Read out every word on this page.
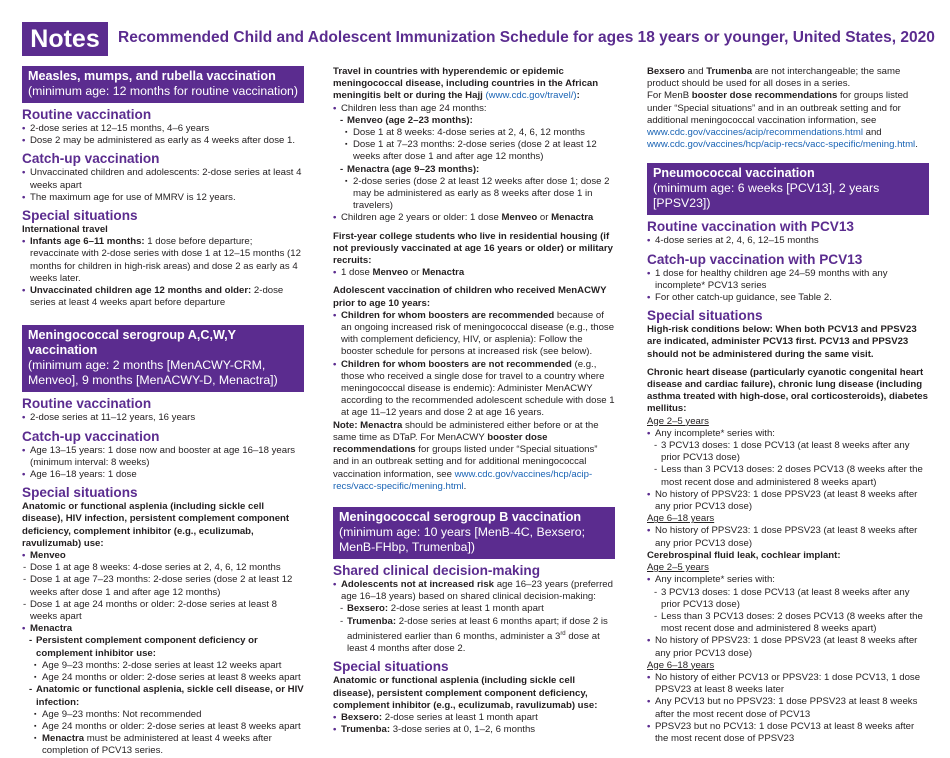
Notes	Recommended Child and Adolescent Immunization Schedule for ages 18 years or younger, United States, 2020
Measles, mumps, and rubella vaccination
(minimum age: 12 months for routine vaccination)
Routine vaccination
• 2-dose series at 12–15 months, 4–6 years
• Dose 2 may be administered as early as 4 weeks after dose 1.
Catch-up vaccination
• Unvaccinated children and adolescents: 2-dose series at least 4 weeks apart
• The maximum age for use of MMRV is 12 years.
Special situations

International travel

• Infants age 6–11 months: 1 dose before departure; revaccinate with 2-dose series with dose 1 at 12–15 months (12 months for children in high-risk areas) and dose 2 as early as 4 weeks later.
• Unvaccinated children age 12 months and older: 2-dose series at least 4 weeks apart before departure
Meningococcal serogroup A,C,W,Y vaccination
(minimum age: 2 months [MenACWY-CRM, Menveo], 9 months [MenACWY-D, Menactra])
Routine vaccination
• 2-dose series at 11–12 years, 16 years
Catch-up vaccination
• Age 13–15 years: 1 dose now and booster at age 16–18 years (minimum interval: 8 weeks)
• Age 16–18 years: 1 dose
Special situations

Anatomic or functional asplenia (including sickle cell disease), HIV infection, persistent complement component deficiency, complement inhibitor (e.g., eculizumab, ravulizumab) use:

• Menveo
- Dose 1 at age 8 weeks: 4-dose series at 2, 4, 6, 12 months
- Dose 1 at age 7–23 months: 2-dose series (dose 2 at least 12 weeks after dose 1 and after age 12 months)
- Dose 1 at age 24 months or older: 2-dose series at least 8 weeks apart
• Menactra
- Persistent complement component deficiency or complement inhibitor use:
▪ Age 9–23 months: 2-dose series at least 12 weeks apart
▪ Age 24 months or older: 2-dose series at least 8 weeks apart
- Anatomic or functional asplenia, sickle cell disease, or HIV infection:
▪ Age 9–23 months: Not recommended
▪ Age 24 months or older: 2-dose series at least 8 weeks apart
▪ Menactra must be administered at least 4 weeks after completion of PCV13 series.

Travel in countries with hyperendemic or epidemic meningococcal disease, including countries in the African meningitis belt or during the Hajj (www.cdc.gov/travel/):

• Children less than age 24 months:
- Menveo (age 2–23 months):
▪ Dose 1 at 8 weeks: 4-dose series at 2, 4, 6, 12 months
▪ Dose 1 at 7–23 months: 2-dose series (dose 2 at least 12 weeks after dose 1 and after age 12 months)
- Menactra (age 9–23 months):
▪ 2-dose series (dose 2 at least 12 weeks after dose 1; dose 2 may be administered as early as 8 weeks after dose 1 in travelers)
• Children age 2 years or older: 1 dose Menveo or Menactra

First-year college students who live in residential housing (if not previously vaccinated at age 16 years or older) or military recruits:

• 1 dose Menveo or Menactra

Adolescent vaccination of children who received MenACWY prior to age 10 years:

• Children for whom boosters are recommended because of an ongoing increased risk of meningococcal disease (e.g., those with complement deficiency, HIV, or asplenia): Follow the booster schedule for persons at increased risk (see below).
• Children for whom boosters are not recommended (e.g., those who received a single dose for travel to a country where meningococcal disease is endemic): Administer MenACWY according to the recommended adolescent schedule with dose 1 at age 11–12 years and dose 2 at age 16 years.

Note: Menactra should be administered either before or at the same time as DTaP. For MenACWY booster dose recommendations for groups listed under “Special situations” and in an outbreak setting and for additional meningococcal vaccination information, see www.cdc.gov/vaccines/hcp/acip-recs/vacc-specific/mening.html.

Meningococcal serogroup B vaccination
(minimum age: 10 years [MenB-4C, Bexsero; MenB-FHbp, Trumenba])
Shared clinical decision-making
• Adolescents not at increased risk age 16–23 years (preferred age 16–18 years) based on shared clinical decision-making:
- Bexsero: 2-dose series at least 1 month apart
- Trumenba: 2-dose series at least 6 months apart; if dose 2 is administered earlier than 6 months, administer a 3rd dose at least 4 months after dose 2.
Special situations

Anatomic or functional asplenia (including sickle cell disease), persistent complement component deficiency, complement inhibitor (e.g., eculizumab, ravulizumab) use:

• Bexsero: 2-dose series at least 1 month apart
• Trumenba: 3-dose series at 0, 1–2, 6 months

Bexsero and Trumenba are not interchangeable; the same product should be used for all doses in a series.

For MenB booster dose recommendations for groups listed under “Special situations” and in an outbreak setting and for additional meningococcal vaccination information, see www.cdc.gov/vaccines/acip/recommendations.html and www.cdc.gov/vaccines/hcp/acip-recs/vacc-specific/mening.html.

Pneumococcal vaccination
(minimum age: 6 weeks [PCV13], 2 years [PPSV23])
Routine vaccination with PCV13
• 4-dose series at 2, 4, 6, 12–15 months
Catch-up vaccination with PCV13
• 1 dose for healthy children age 24–59 months with any incomplete* PCV13 series
• For other catch-up guidance, see Table 2.
Special situations

High-risk conditions below: When both PCV13 and PPSV23 are indicated, administer PCV13 first. PCV13 and PPSV23 should not be administered during the same visit.

Chronic heart disease (particularly cyanotic congenital heart disease and cardiac failure), chronic lung disease (including asthma treated with high-dose, oral corticosteroids), diabetes mellitus:

Age 2–5 years

• Any incomplete* series with:
- 3 PCV13 doses: 1 dose PCV13 (at least 8 weeks after any prior PCV13 dose)
- Less than 3 PCV13 doses: 2 doses PCV13 (8 weeks after the most recent dose and administered 8 weeks apart)
• No history of PPSV23: 1 dose PPSV23 (at least 8 weeks after any prior PCV13 dose)

Age 6–18 years

• No history of PPSV23: 1 dose PPSV23 (at least 8 weeks after any prior PCV13 dose)

Cerebrospinal fluid leak, cochlear implant:

Age 2–5 years

• Any incomplete* series with:
- 3 PCV13 doses: 1 dose PCV13 (at least 8 weeks after any prior PCV13 dose)
- Less than 3 PCV13 doses: 2 doses PCV13 (8 weeks after the most recent dose and administered 8 weeks apart)
• No history of PPSV23: 1 dose PPSV23 (at least 8 weeks after any prior PCV13 dose)

Age 6–18 years

• No history of either PCV13 or PPSV23: 1 dose PCV13, 1 dose PPSV23 at least 8 weeks later
• Any PCV13 but no PPSV23: 1 dose PPSV23 at least 8 weeks after the most recent dose of PCV13
• PPSV23 but no PCV13: 1 dose PCV13 at least 8 weeks after the most recent dose of PPSV23
